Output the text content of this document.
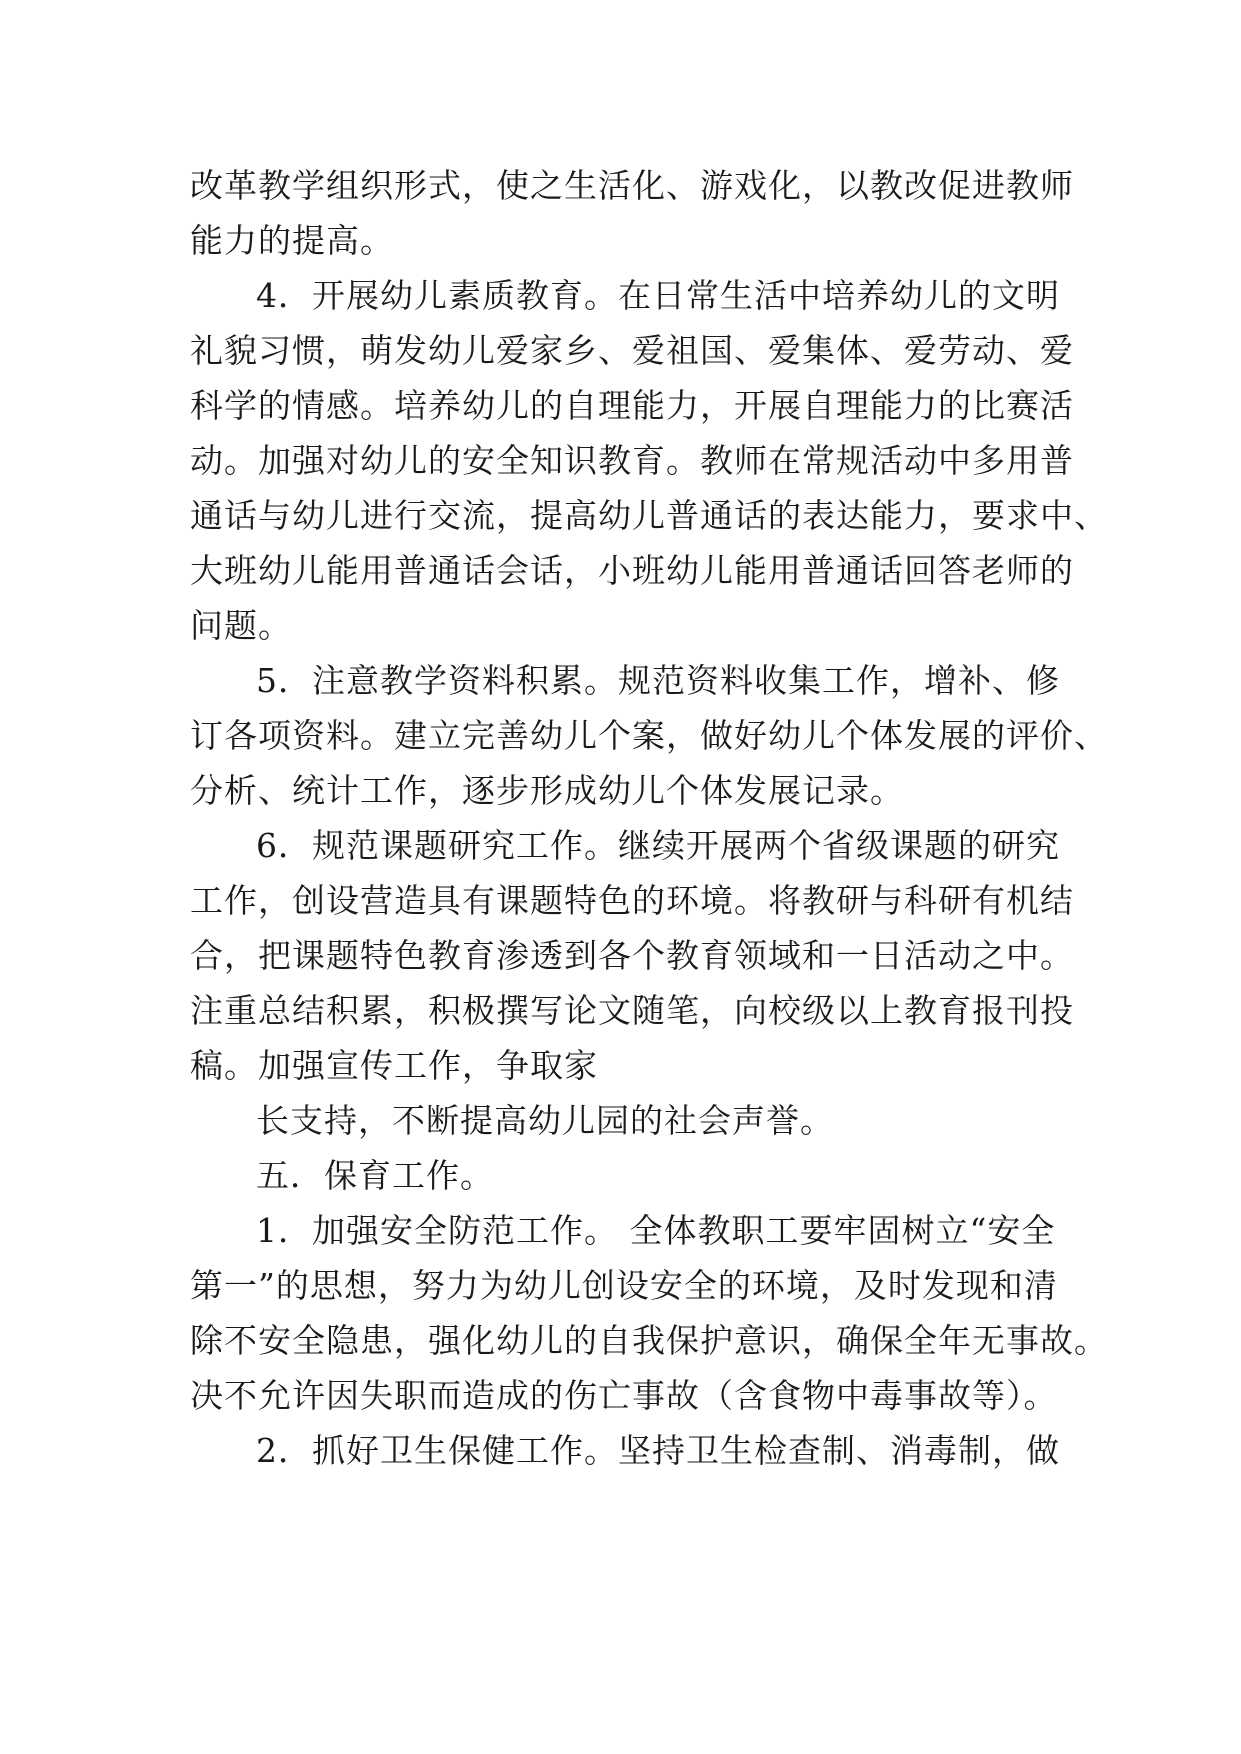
改革教学组织形式，使之生活化、游戏化，以教改促进教师
能力的提高。
4．开展幼儿素质教育。在日常生活中培养幼儿的文明
礼貌习惯，萌发幼儿爱家乡、爱祖国、爱集体、爱劳动、爱
科学的情感。培养幼儿的自理能力，开展自理能力的比赛活
动。加强对幼儿的安全知识教育。教师在常规活动中多用普
通话与幼儿进行交流，提高幼儿普通话的表达能力，要求中、
大班幼儿能用普通话会话，小班幼儿能用普通话回答老师的
问题。
5．注意教学资料积累。规范资料收集工作，增补、修
订各项资料。建立完善幼儿个案，做好幼儿个体发展的评价、
分析、统计工作，逐步形成幼儿个体发展记录。
6．规范课题研究工作。继续开展两个省级课题的研究
工作，创设营造具有课题特色的环境。将教研与科研有机结
合，把课题特色教育渗透到各个教育领域和一日活动之中。
注重总结积累，积极撰写论文随笔，向校级以上教育报刊投
稿。加强宣传工作，争取家
长支持，不断提高幼儿园的社会声誉。
五．保育工作。
1．加强安全防范工作。 全体教职工要牢固树立“安全
第一”的思想，努力为幼儿创设安全的环境，及时发现和清
除不安全隐患，强化幼儿的自我保护意识，确保全年无事故。
决不允许因失职而造成的伤亡事故（含食物中毒事故等）。
2．抓好卫生保健工作。坚持卫生检查制、消毒制，做
